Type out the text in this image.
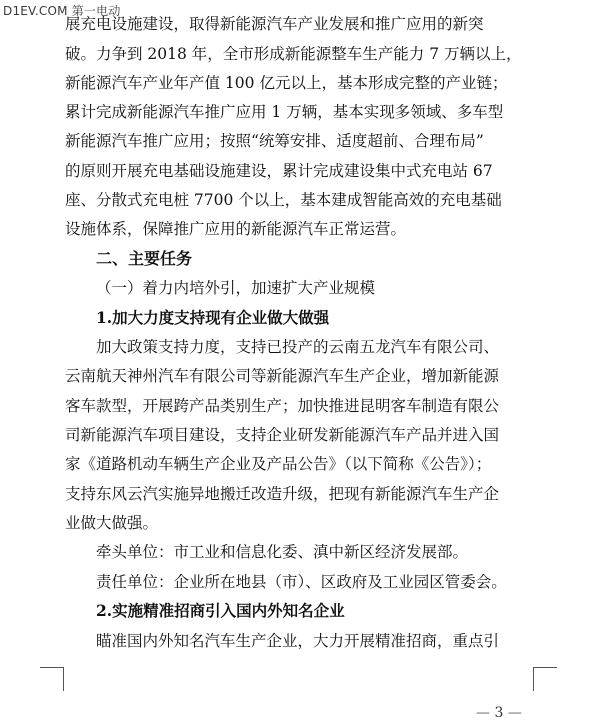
D1EV.COM 第一电动
展充电设施建设，取得新能源汽车产业发展和推广应用的新突
破。力争到 2018 年，全市形成新能源整车生产能力 7 万辆以上，
新能源汽车产业年产值 100 亿元以上，基本形成完整的产业链；
累计完成新能源汽车推广应用 1 万辆，基本实现多领域、多车型
新能源汽车推广应用；按照“统筹安排、适度超前、合理布局”
的原则开展充电基础设施建设，累计完成建设集中式充电站 67
座、分散式充电桩 7700 个以上，基本建成智能高效的充电基础
设施体系，保障推广应用的新能源汽车正常运营。
二、主要任务
（一）着力内培外引，加速扩大产业规模
1.加大力度支持现有企业做大做强
加大政策支持力度，支持已投产的云南五龙汽车有限公司、
云南航天神州汽车有限公司等新能源汽车生产企业，增加新能源
客车款型，开展跨产品类别生产；加快推进昆明客车制造有限公
司新能源汽车项目建设，支持企业研发新能源汽车产品并进入国
家《道路机动车辆生产企业及产品公告》（以下简称《公告》）；
支持东风云汽实施异地搬迁改造升级，把现有新能源汽车生产企
业做大做强。
牵头单位：市工业和信息化委、滇中新区经济发展部。
责任单位：企业所在地县（市）、区政府及工业园区管委会。
2.实施精准招商引入国内外知名企业
瞄准国内外知名汽车生产企业，大力开展精准招商，重点引
— 3 —
